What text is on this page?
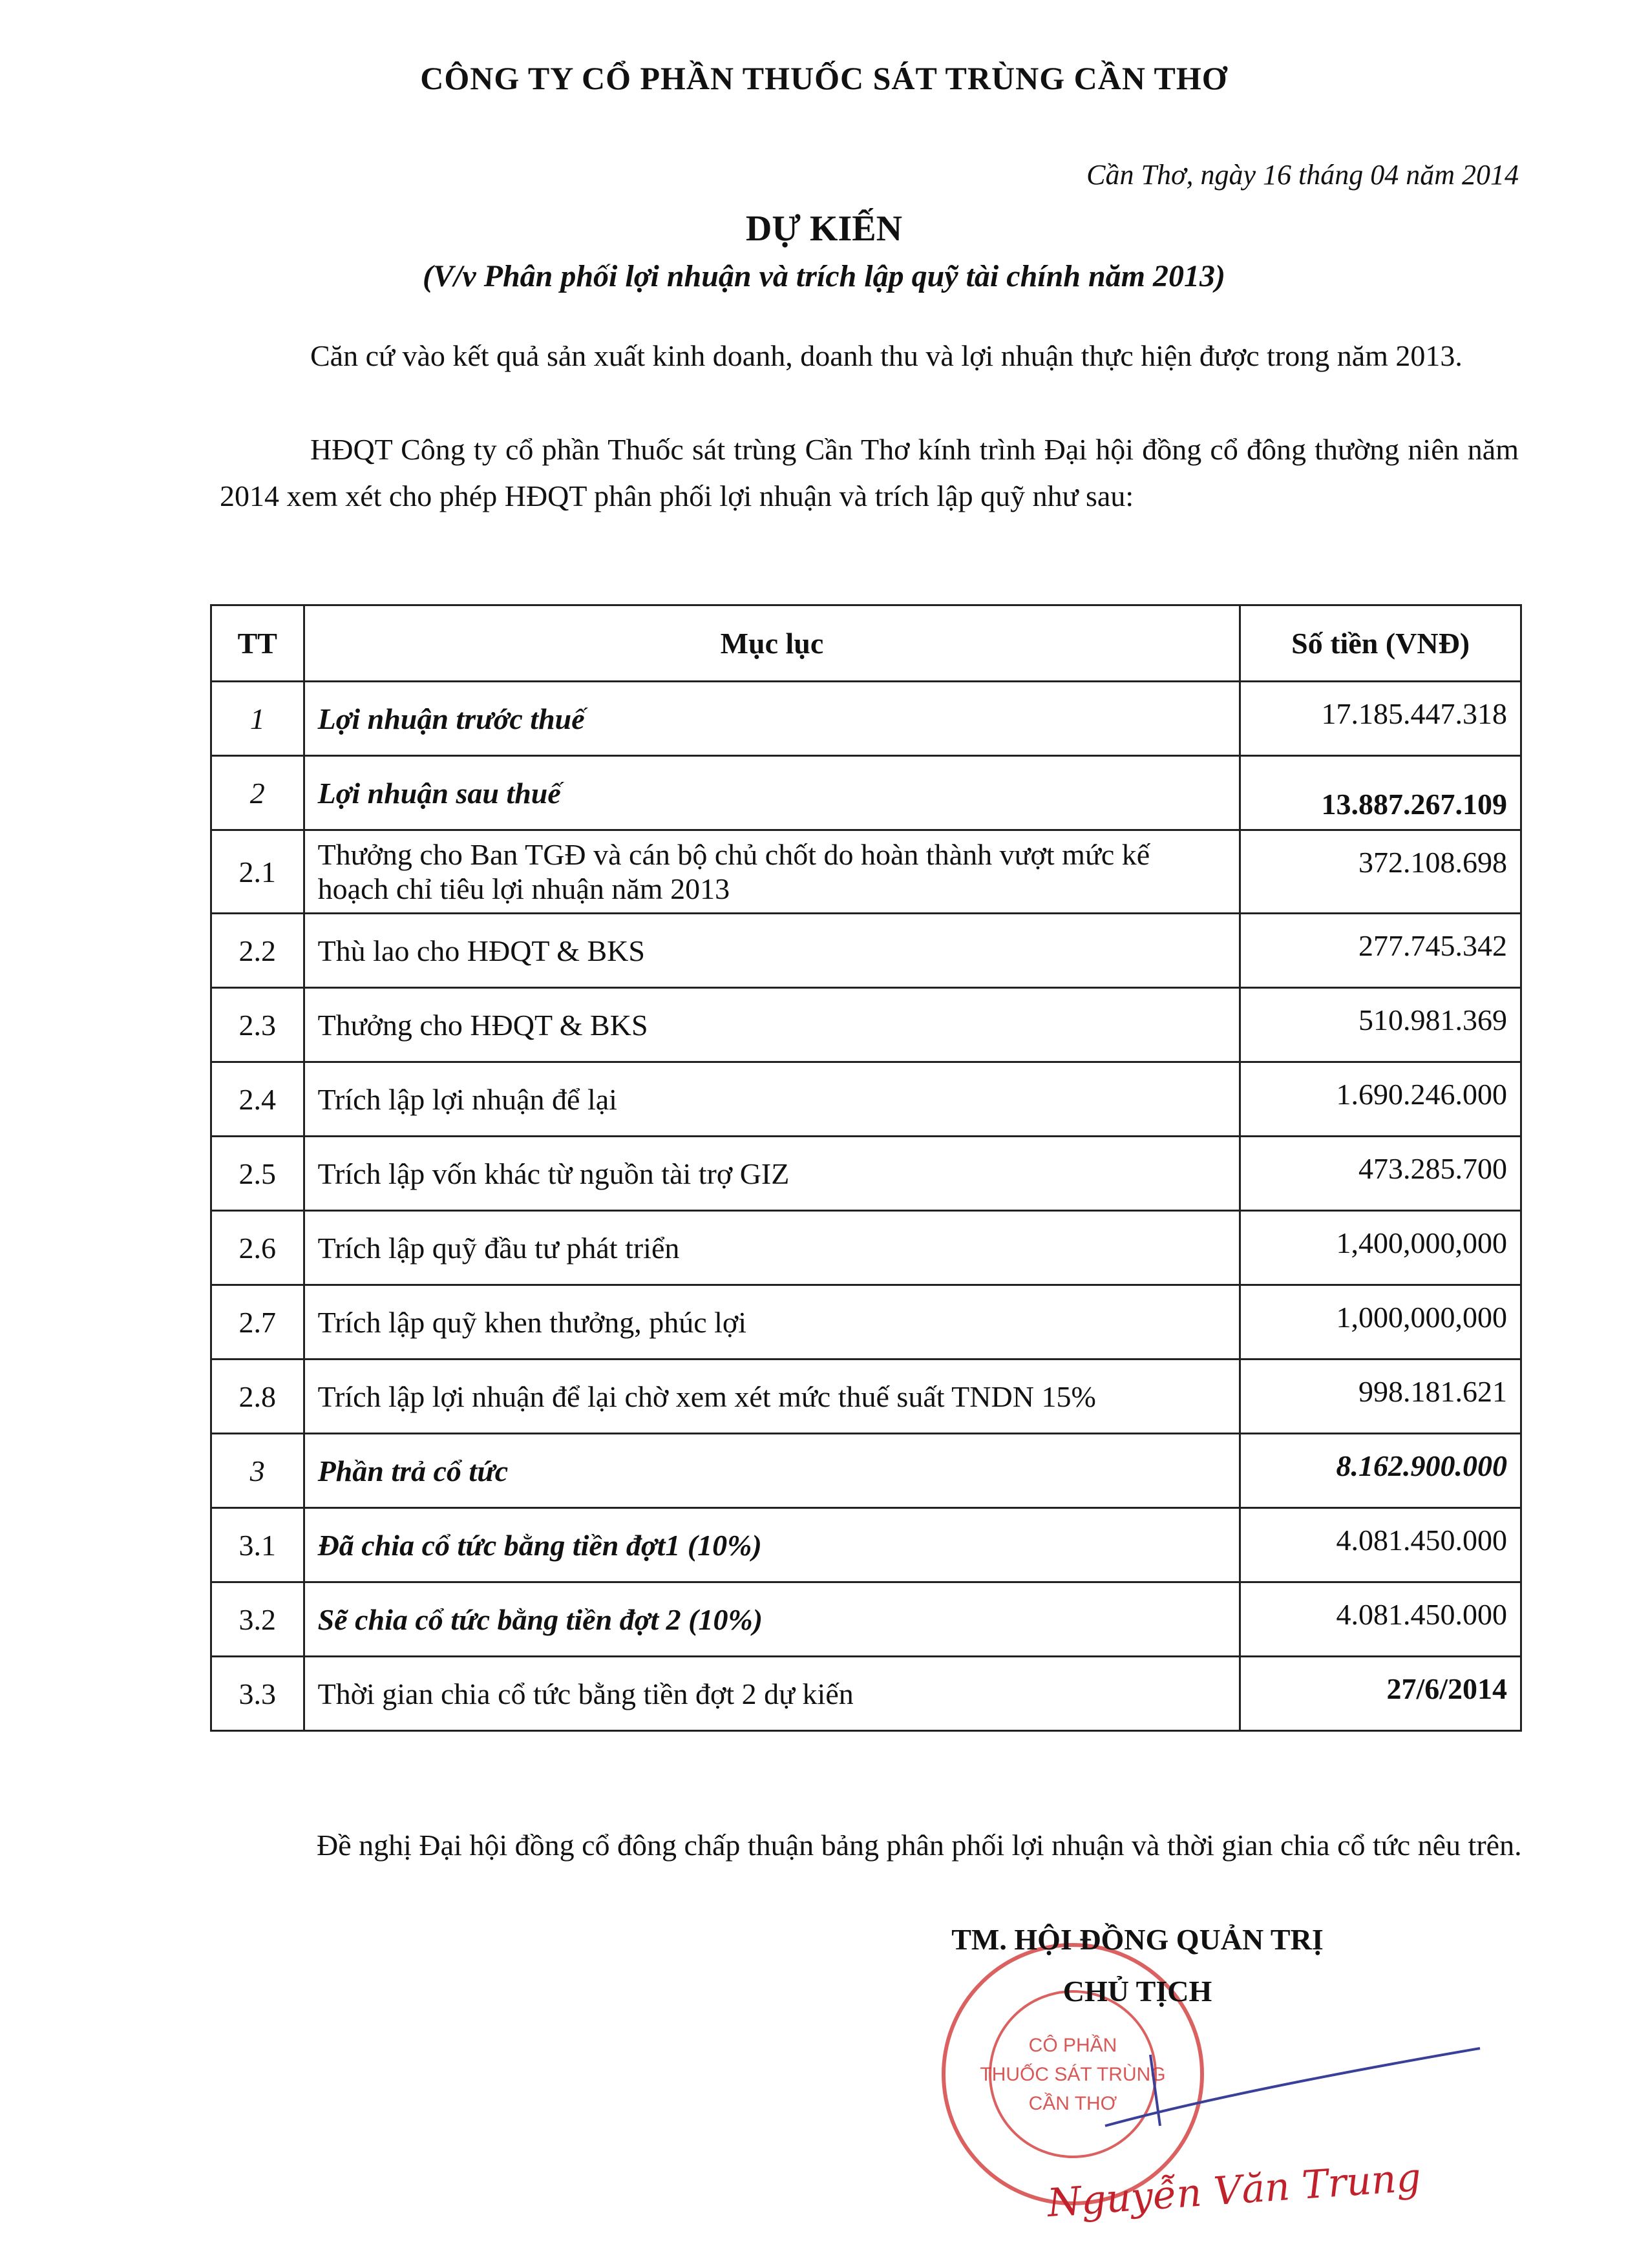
CÔNG TY CỔ PHẦN THUỐC SÁT TRÙNG CẦN THƠ
Cần Thơ, ngày 16 tháng 04 năm 2014
DỰ KIẾN
(V/v Phân phối lợi nhuận và trích lập quỹ tài chính năm 2013)
Căn cứ vào kết quả sản xuất kinh doanh, doanh thu và lợi nhuận thực hiện được trong năm 2013.
HĐQT Công ty cổ phần Thuốc sát trùng Cần Thơ kính trình Đại hội đồng cổ đông thường niên năm 2014 xem xét cho phép HĐQT phân phối lợi nhuận và trích lập quỹ như sau:
TT	Mục lục	Số tiền (VNĐ)
1	Lợi nhuận trước thuế	17.185.447.318
2	Lợi nhuận sau thuế	13.887.267.109
2.1	Thưởng cho Ban TGĐ và cán bộ chủ chốt do hoàn thành vượt mức kế hoạch chỉ tiêu lợi nhuận năm 2013	372.108.698
2.2	Thù lao cho HĐQT & BKS	277.745.342
2.3	Thưởng cho HĐQT & BKS	510.981.369
2.4	Trích lập lợi nhuận để lại	1.690.246.000
2.5	Trích lập vốn khác từ nguồn tài trợ GIZ	473.285.700
2.6	Trích lập quỹ đầu tư phát triển	1,400,000,000
2.7	Trích lập quỹ khen thưởng, phúc lợi	1,000,000,000
2.8	Trích lập lợi nhuận để lại chờ xem xét mức thuế suất TNDN 15%	998.181.621
3	Phần trả cổ tức	8.162.900.000
3.1	Đã chia cổ tức bằng tiền đợt1 (10%)	4.081.450.000
3.2	Sẽ chia cổ tức bằng tiền đợt 2 (10%)	4.081.450.000
3.3	Thời gian chia cổ tức bằng tiền đợt 2 dự kiến	27/6/2014
Đề nghị Đại hội đồng cổ đông chấp thuận bảng phân phối lợi nhuận và thời gian chia cổ tức nêu trên.
CÔ PHẦN
THUỐC SÁT TRÙNG
CẦN THƠ
TM. HỘI ĐỒNG QUẢN TRỊ
CHỦ TỊCH
Nguyễn Văn Trung
